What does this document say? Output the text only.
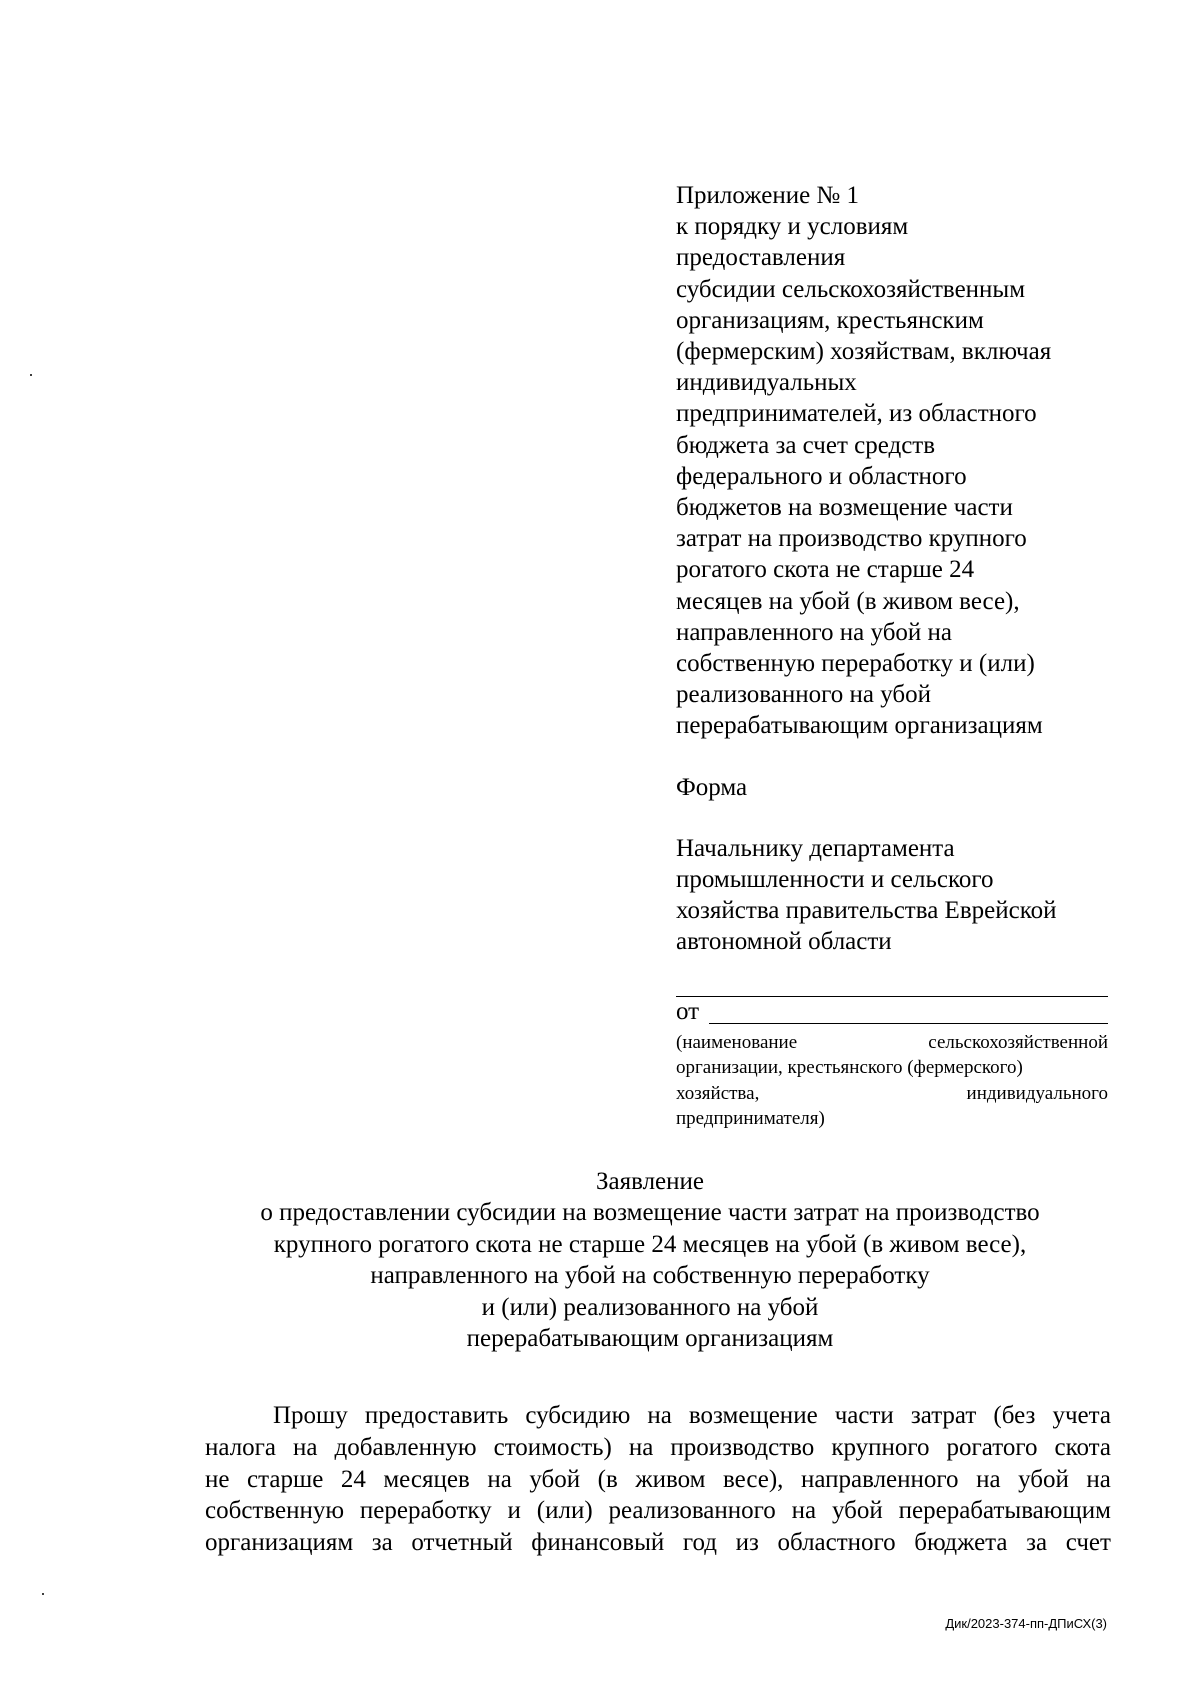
Приложение № 1
к порядку и условиям
предоставления
субсидии сельскохозяйственным
организациям, крестьянским
(фермерским) хозяйствам, включая
индивидуальных
предпринимателей, из областного
бюджета за счет средств
федерального и областного
бюджетов на возмещение части
затрат на производство крупного
рогатого скота не старше 24
месяцев на убой (в живом весе),
направленного на убой на
собственную переработку и (или)
реализованного на убой
перерабатывающим организациям
Форма
Начальнику департамента
промышленности и сельского
хозяйства правительства Еврейской
автономной области
от
(наименование	сельскохозяйственной
организации, крестьянского (фермерского)
хозяйства,	индивидуального
предпринимателя)
Заявление
о предоставлении субсидии на возмещение части затрат на производство
крупного рогатого скота не старше 24 месяцев на убой (в живом весе),
направленного на убой на собственную переработку
и (или) реализованного на убой
перерабатывающим организациям
Прошу предоставить субсидию на возмещение части затрат (без учета
налога на добавленную стоимость) на производство крупного рогатого скота
не старше 24 месяцев на убой (в живом весе), направленного на убой на
собственную переработку и (или) реализованного на убой перерабатывающим
организациям за отчетный финансовый год из областного бюджета за счет
Дик/2023-374-пп-ДПиСХ(3)
